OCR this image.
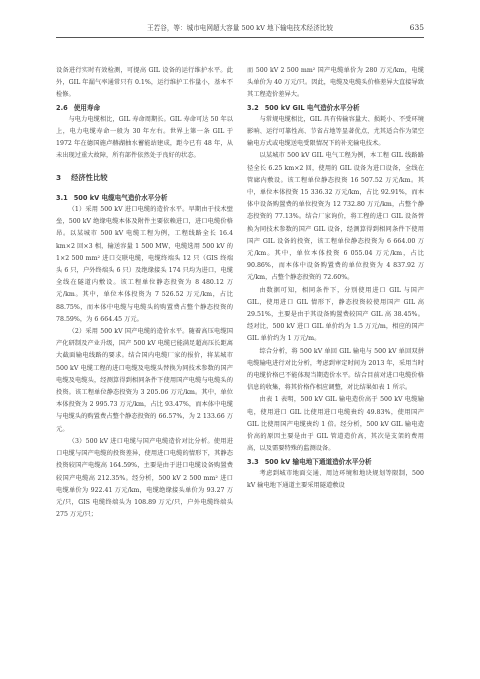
王若谷，等：城市电网超大容量 500 kV 地下输电技术经济比较	635

设备进行实时有效检测，可提高 GIL 设备的运行维护水平。此外，GIL 年漏气率通常只有 0.1%，运行维护工作量小，基本不检修。

2.6 使用寿命

与电力电缆相比，GIL 寿命周期长。GIL 寿命可达 50 年以上，电力电缆寿命一般为 30 年左右。世界上第一条 GIL 于 1972 年在德国施卢赫湖抽水蓄能站建成，距今已有 48 年，从未出现过重大故障，所有部件依然处于良好的状态。

3 经济性比较
3.1 500 kV 电缆电气造价水平分析

（1）采用 500 kV 进口电缆的造价水平。早期由于技术壁垒，500 kV 绝缘电缆本体及附件主要依赖进口，进口电缆价格昂。以某城市 500 kV 电缆工程为例，工程线路全长 16.4 km×2 回×3 相，输送容量 1 500 MW，电缆选用 500 kV 的 1×2 500 mm² 进口交联电缆，电缆终端头 12 只（GIS 终端头 6 只，户外终端头 6 只）及绝缘接头 174 只均为进口，电缆全线在隧道内敷设。该工程单位静态投资为 8 480.12 万元/km。其中，单位本体投资为 7 526.52 万元/km，占比 88.75%，而本体中电缆与电缆头的购置费占整个静态投资的 78.59%，为 6 664.45 万元。

（2）采用 500 kV 国产电缆的造价水平。随着高压电缆国产化研制及产业升级，国产 500 kV 电缆已能满足超高压长距离大截面输电线路的要求。结合国内电缆厂家的报价，将某城市 500 kV 电缆工程的进口电缆及电缆头替换为同技术参数的国产电缆及电缆头，经测算得到相同条件下使用国产电缆与电缆头的投资。该工程单位静态投资为 3 205.06 万元/km。其中，单位本体投资为 2 995.73 万元/km，占比 93.47%，而本体中电缆与电缆头的购置费占整个静态投资的 66.57%，为 2 133.66 万元。

（3）500 kV 进口电缆与国产电缆造价对比分析。使用进口电缆与国产电缆的投资差异，使用进口电缆的情形下，其静态投资较国产电缆高 164.59%，主要是由于进口电缆设备购置费较国产电缆高 212.35%。经分析，500 kV 2 500 mm² 进口电缆单价为 922.41 万元/km，电缆绝缘接头单价为 93.27 万元/只，GIS 电缆终端头为 108.89 万元/只，户外电缆终端头 275 万元/只；

而 500 kV 2 500 mm² 国产电缆单价为 280 万元/km，电缆头单价为 40 万元/只。因此，电缆及电缆头价格差异大直接导致其工程造价差异大。

3.2 500 kV GIL 电气造价水平分析

与常规电缆相比，GIL 具有传输容量大、损耗小、不受环境影响、运行可靠性高、节省占地等显著优点，尤其适合作为架空输电方式或电缆送电受限情况下的补充输电技术。

以某城市 500 kV GIL 电气工程为例，本工程 GIL 线路路径全长 6.25 km×2 回，使用的 GIL 设备为进口设备，全线在管廊内敷设。该工程单位静态投资 16 507.52 万元/km。其中，单位本体投资 15 336.32 万元/km，占比 92.91%，而本体中设备购置费的单位投资为 12 732.80 万元/km，占整个静态投资的 77.13%。结合厂家询价，将工程的进口 GIL 设备替换为同技术参数的国产 GIL 设备，经测算得到相同条件下使用国产 GIL 设备的投资，该工程单位静态投资为 6 664.00 万元/km。其中，单位本体投资 6 055.04 万元/km，占比 90.86%，而本体中设备购置费的单位投资为 4 837.92 万元/km，占整个静态投资的 72.60%。

由数据可知，相同条件下，分别使用进口 GIL 与国产 GIL，使用进口 GIL 情形下，静态投资较使用国产 GIL 高 29.51%，主要是由于其设备购置费较国产 GIL 高 38.45%。经对比，500 kV 进口 GIL 单价约为 1.5 万元/m，相应的国产 GIL 单价约为 1 万元/m。

综合分析，将 500 kV 单回 GIL 输电与 500 kV 单回双拼电缆输电进行对比分析，考虑到审定时间为 2013 年，采用当时的电缆价格已不能体现当期造价水平。结合目前对进口电缆价格信息的收集，将其价格作相应调整，对比结果如表 1 所示。

由表 1 表明，500 kV GIL 输电造价高于 500 kV 电缆输电，使用进口 GIL 比使用进口电缆贵约 49.83%，使用国产 GIL 比使用国产电缆贵约 1 倍。经分析，500 kV GIL 输电造价高的原因主要是由于 GIL 管道造价高，其次是支架的费用高，以及需要特殊的监测设备。

3.3 500 kV 输电地下通道造价水平分析

考虑到城市地面交通、周边环境和地块规划等限制，500 kV 输电地下通道主要采用隧道敷设
